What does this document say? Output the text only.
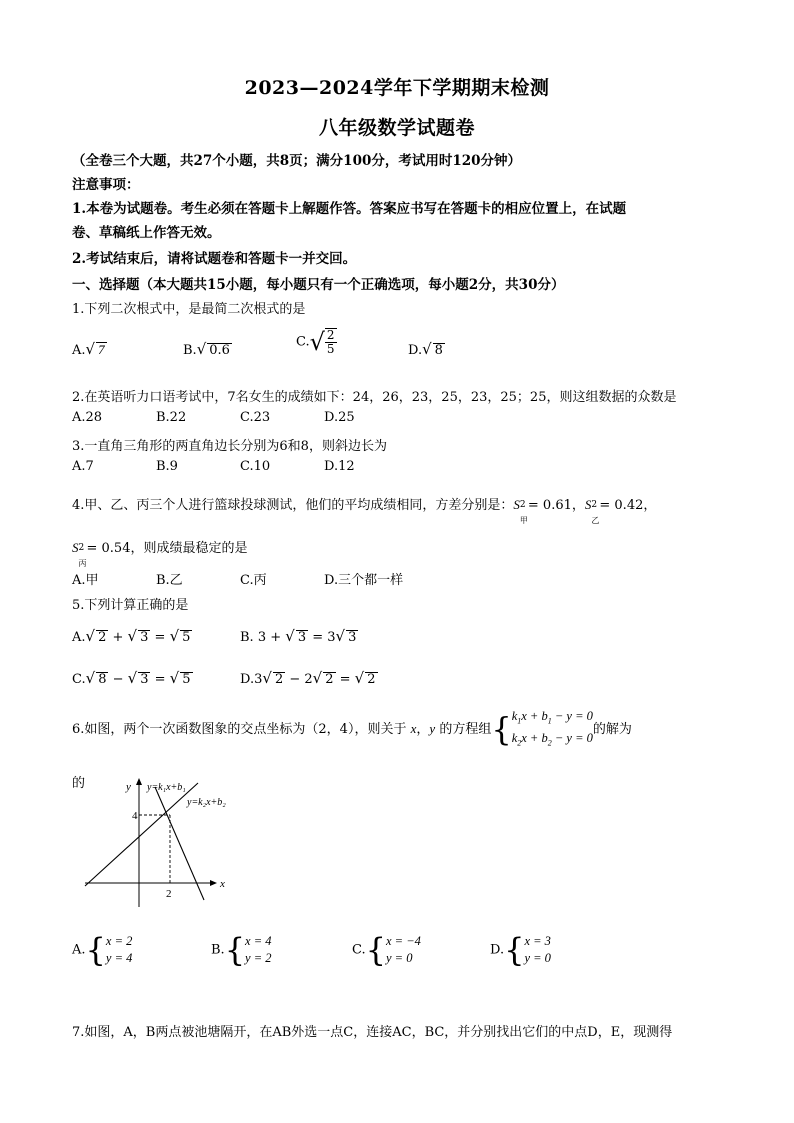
2023—2024学年下学期期末检测
八年级数学试题卷
（全卷三个大题，共27个小题，共8页；满分100分，考试用时120分钟）
注意事项：
1.本卷为试题卷。考生必须在答题卡上解题作答。答案应书写在答题卡的相应位置上，在试题
卷、草稿纸上作答无效。
2.考试结束后，请将试题卷和答题卡一并交回。
一、选择题（本大题共15小题，每小题只有一个正确选项，每小题2分，共30分）
1.下列二次根式中，是最简二次根式的是
A.√ 7	B.√ 0.6
$C.√ \frac{2}{5}$	D.√ 8
2.在英语听力口语考试中，7名女生的成绩如下：24，26，23，25，23，25；25，则这组数据的众数是
A.28	B.22	C.23	D.25
3.一直角三角形的两直角边长分别为6和8，则斜边长为
A.7	B.9	C.10	D.12
4.甲、乙、丙三个人进行篮球投球测试，他们的平均成绩相同，方差分别是：S 2
甲
= 0.61，S 2
乙
= 0.42，
S 2
丙
= 0.54，则成绩最稳定的是
A.甲	B.乙	C.丙	D.三个都一样
5.下列计算正确的是
A.√ 2 + √ 3 = √ 5	B. 3 + √ 3 = 3√ 3
C.√ 8 − √ 3 = √ 5	D.3√ 2 − 2√ 2 = √ 2
6.如图，两个一次函数图象的交点坐标为（2，4），则关于 x，y 的方程组{$k_1x + b_1 - y = 0$
$k_2x + b_2 - y = 0$的解为
的	y
x
4
2
y=k₁x+b₁
y=k₂x+b₂
A.{x = 2
y = 4
B.{x = 4
y = 2
C.{x = −4
y = 0
D.{x = 3
y = 0
7.如图，A，B两点被池塘隔开，在AB外选一点C，连接AC，BC，并分别找出它们的中点D，E，现测得
